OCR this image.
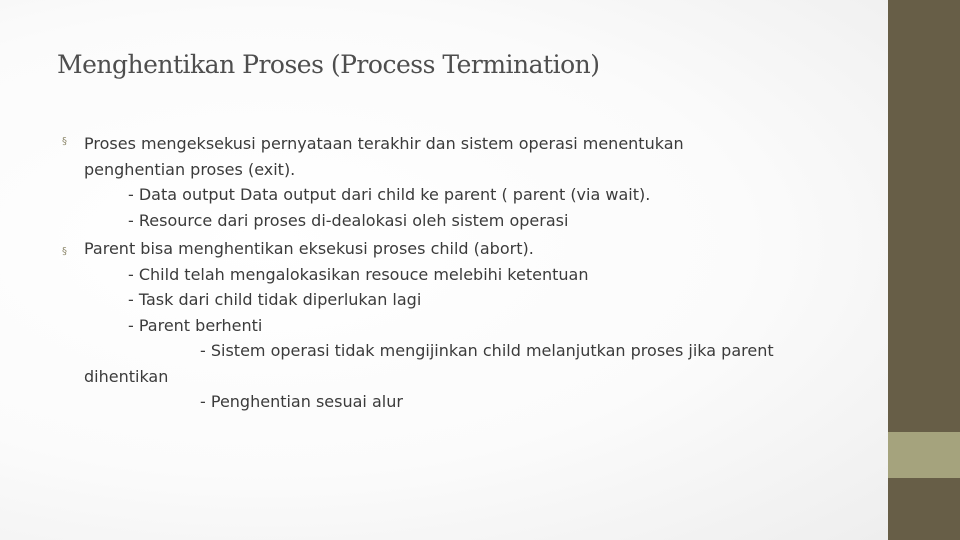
Menghentikan Proses (Process Termination)
§
§
Proses mengeksekusi pernyataan terakhir dan sistem operasi menentukan
penghentian proses (exit).
- Data output Data output dari child ke parent ( parent (via wait).
- Resource dari proses di-dealokasi oleh sistem operasi
Parent bisa menghentikan eksekusi proses child (abort).
- Child telah mengalokasikan resouce melebihi ketentuan
- Task dari child tidak diperlukan lagi
- Parent berhenti
- Sistem operasi tidak mengijinkan child melanjutkan proses jika parent
dihentikan
- Penghentian sesuai alur
